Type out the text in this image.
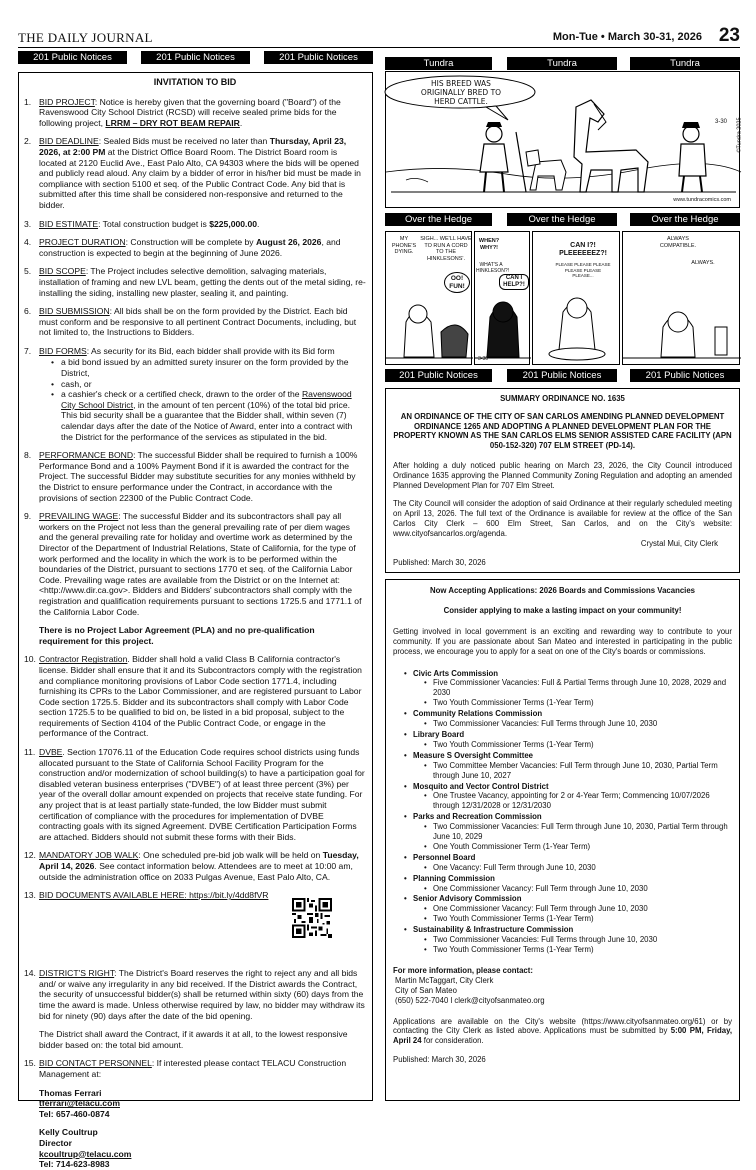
THE DAILY JOURNAL	Mon-Tue • March 30-31, 2026 23
201 Public Notices	201 Public Notices	201 Public Notices
Tundra	Tundra	Tundra
Over the Hedge	Over the Hedge	Over the Hedge
201 Public Notices	201 Public Notices	201 Public Notices
INVITATION TO BID
1. BID PROJECT: Notice is hereby given that the governing board ("Board") of the Ravenswood City School District (RCSD) will receive sealed prime bids for the following project, LRRM – DRY ROT BEAM REPAIR.
2. BID DEADLINE: Sealed Bids must be received no later than Thursday, April 23, 2026, at 2:00 PM at the District Office Board Room. The District Board room is located at 2120 Euclid Ave., East Palo Alto, CA 94303 where the bids will be opened and publicly read aloud. Any claim by a bidder of error in his/her bid must be made in compliance with section 5100 et seq. of the Public Contract Code. Any bid that is submitted after this time shall be considered non-responsive and returned to the bidder.
3. BID ESTIMATE: Total construction budget is $225,000.00.
4. PROJECT DURATION: Construction will be complete by August 26, 2026, and construction is expected to begin at the beginning of June 2026.
5. BID SCOPE: The Project includes selective demolition, salvaging materials, installation of framing and new LVL beam, getting the dents out of the metal siding, re-installing the siding, installing new plaster, sealing it, and painting.
6. BID SUBMISSION: All bids shall be on the form provided by the District. Each bid must conform and be responsive to all pertinent Contract Documents, including, but not limited to, the Instructions to Bidders.
7. BID FORMS: As security for its Bid, each bidder shall provide with its Bid form
• a bid bond issued by an admitted surety insurer on the form provided by the District,
• cash, or
• a cashier's check or a certified check, drawn to the order of the Ravenswood City School District, in the amount of ten percent (10%) of the total bid price. This bid security shall be a guarantee that the Bidder shall, within seven (7) calendar days after the date of the Notice of Award, enter into a contract with the District for the performance of the services as stipulated in the bid.
8. PERFORMANCE BOND: The successful Bidder shall be required to furnish a 100% Performance Bond and a 100% Payment Bond if it is awarded the contract for the Project. The successful Bidder may substitute securities for any monies withheld by the District to ensure performance under the Contract, in accordance with the provisions of section 22300 of the Public Contract Code.
9. PREVAILING WAGE: The successful Bidder and its subcontractors shall pay all workers on the Project not less than the general prevailing rate of per diem wages and the general prevailing rate for holiday and overtime work as determined by the Director of the Department of Industrial Relations, State of California, for the type of work performed and the locality in which the work is to be performed within the boundaries of the District, pursuant to sections 1770 et seq. of the California Labor Code. Prevailing wage rates are available from the District or on the Internet at: <http://www.dir.ca.gov>. Bidders and Bidders' subcontractors shall comply with the registration and qualification requirements pursuant to sections 1725.5 and 1771.1 of the California Labor Code.
There is no Project Labor Agreement (PLA) and no pre-qualification requirement for this project.
10. Contractor Registration. Bidder shall hold a valid Class B California contractor's license. Bidder shall ensure that it and its Subcontractors comply with the registration and compliance monitoring provisions of Labor Code section 1771.4, including furnishing its CPRs to the Labor Commissioner, and are registered pursuant to Labor Code section 1725.5. Bidder and its subcontractors shall comply with Labor Code section 1725.5 to be qualified to bid on, be listed in a bid proposal, subject to the requirements of Section 4104 of the Public Contract Code, or engage in the performance of the Contract.
11. DVBE. Section 17076.11 of the Education Code requires school districts using funds allocated pursuant to the State of California School Facility Program for the construction and/or modernization of school building(s) to have a participation goal for disabled veteran business enterprises ("DVBE") of at least three percent (3%) per year of the overall dollar amount expended on projects that receive state funding. For any project that is at least partially state-funded, the low Bidder must submit certification of compliance with the procedures for implementation of DVBE contracting goals with its signed Agreement. DVBE Certification Participation Forms are attached. Bidders should not submit these forms with their Bids.
12. MANDATORY JOB WALK: One scheduled pre-bid job walk will be held on Tuesday, April 14, 2026. See contact information below. Attendees are to meet at 10:00 am, outside the administration office on 2033 Pulgas Avenue, East Palo Alto, CA.
13. BID DOCUMENTS AVAILABLE HERE: https://bit.ly/4dd8fVR
14. DISTRICT'S RIGHT: The District's Board reserves the right to reject any and all bids and/ or waive any irregularity in any bid received. If the District awards the Contract, the security of unsuccessful bidder(s) shall be returned within sixty (60) days from the time the award is made. Unless otherwise required by law, no bidder may withdraw its bid for ninety (90) days after the date of the bid opening.
The District shall award the Contract, if it awards it at all, to the lowest responsive bidder based on: the total bid amount.
15. BID CONTACT PERSONNEL: If interested please contact TELACU Construction Management at:
Thomas Ferrari
tferrari@telacu.com
Tel: 657-460-0874
Kelly Coultrup
Director
kcoultrup@telacu.com
Tel: 714-623-8983
HIS BREED WAS ORIGINALLY BRED TO HERD CATTLE.
3-30
www.tundracomics.com
©Tundra 2025
MY PHONE'S DYING.
SIGH... WE'LL HAVE TO RUN A CORD TO THE HINKLESONS'.
OO! FUN!
WHEN? WHY?!
WHAT'S A HINKLESON?!
CAN I HELP?!
3-30
CAN I?! PLEEEEEEZ?!
PLEASE PLEASE PLEASE PLEASE PLEASE PLEASE...
ALWAYS COMPATIBLE.
ALWAYS.
SUMMARY ORDINANCE NO. 1635
AN ORDINANCE OF THE CITY OF SAN CARLOS AMENDING PLANNED DEVELOPMENT ORDINANCE 1265 AND ADOPTING A PLANNED DEVELOPMENT PLAN FOR THE PROPERTY KNOWN AS THE SAN CARLOS ELMS SENIOR ASSISTED CARE FACILITY (APN 050-152-320) 707 ELM STREET (PD-14).

After holding a duly noticed public hearing on March 23, 2026, the City Council introduced Ordinance 1635 approving the Planned Community Zoning Regulation and adopting an amended Planned Development Plan for 707 Elm Street.

The City Council will consider the adoption of said Ordinance at their regularly scheduled meeting on April 13, 2026. The full text of the Ordinance is available for review at the office of the San Carlos City Clerk – 600 Elm Street, San Carlos, and on the City's website: www.cityofsancarlos.org/agenda.

Crystal Mui, City Clerk
Published: March 30, 2026
Now Accepting Applications: 2026 Boards and Commissions Vacancies
Consider applying to make a lasting impact on your community!

Getting involved in local government is an exciting and rewarding way to contribute to your community. If you are passionate about San Mateo and interested in participating in the public process, we encourage you to apply for a seat on one of the City's boards or commissions.

• Civic Arts Commission
• Five Commissioner Vacancies: Full & Partial Terms through June 10, 2028, 2029 and 2030
• Two Youth Commissioner Terms (1-Year Term)
• Community Relations Commission
• Two Commissioner Vacancies: Full Terms through June 10, 2030
• Library Board
• Two Youth Commissioner Terms (1-Year Term)
• Measure S Oversight Committee
• Two Committee Member Vacancies: Full Term through June 10, 2030, Partial Term through June 10, 2027
• Mosquito and Vector Control District
• One Trustee Vacancy, appointing for 2 or 4-Year Term; Commencing 10/07/2026 through 12/31/2028 or 12/31/2030
• Parks and Recreation Commission
• Two Commissioner Vacancies: Full Term through June 10, 2030, Partial Term through June 10, 2029
• One Youth Commissioner Term (1-Year Term)
• Personnel Board
• One Vacancy: Full Term through June 10, 2030
• Planning Commission
• One Commissioner Vacancy: Full Term through June 10, 2030
• Senior Advisory Commission
• One Commissioner Vacancy: Full Term through June 10, 2030
• Two Youth Commissioner Terms (1-Year Term)
• Sustainability & Infrastructure Commission
• Two Commissioner Vacancies: Full Terms through June 10, 2030
• Two Youth Commissioner Terms (1-Year Term)
For more information, please contact:
Martin McTaggart, City Clerk
City of San Mateo
(650) 522-7040 l clerk@cityofsanmateo.org

Applications are available on the City's website (https://www.cityofsanmateo.org/61) or by contacting the City Clerk as listed above. Applications must be submitted by 5:00 PM, Friday, April 24 for consideration.

Published: March 30, 2026
